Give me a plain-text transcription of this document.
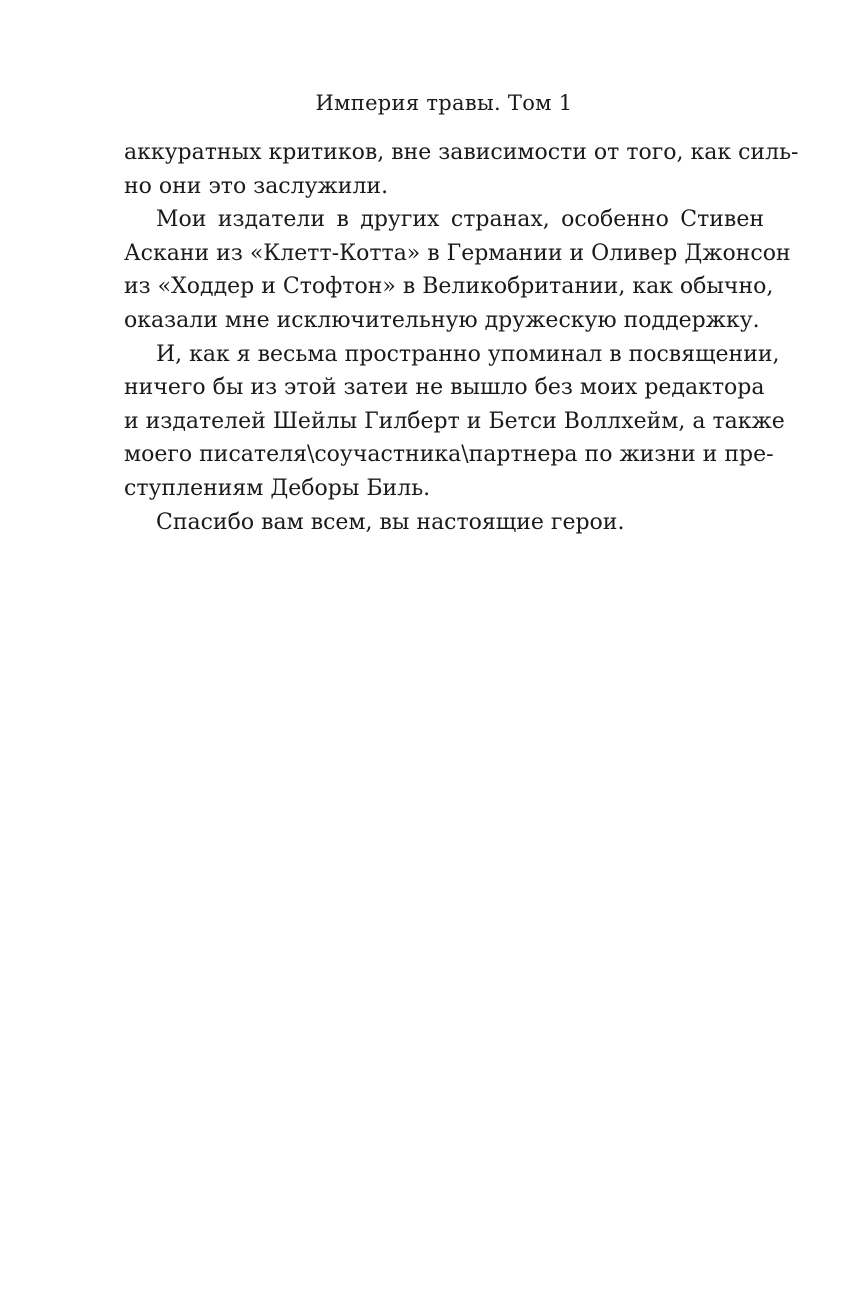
Империя травы. Том 1
аккуратных критиков, вне зависимости от того, как силь-
но они это заслужили.
Мои издатели в других странах, особенно Стивен
Аскани из «Клетт-Котта» в Германии и Оливер Джонсон
из «Ходдер и Стофтон» в Великобритании, как обычно,
оказали мне исключительную дружескую поддержку.
И, как я весьма пространно упоминал в посвящении,
ничего бы из этой затеи не вышло без моих редактора
и издателей Шейлы Гилберт и Бетси Воллхейм, а также
моего писателя\соучастника\партнера по жизни и пре-
ступлениям Деборы Биль.
Спасибо вам всем, вы настоящие герои.
